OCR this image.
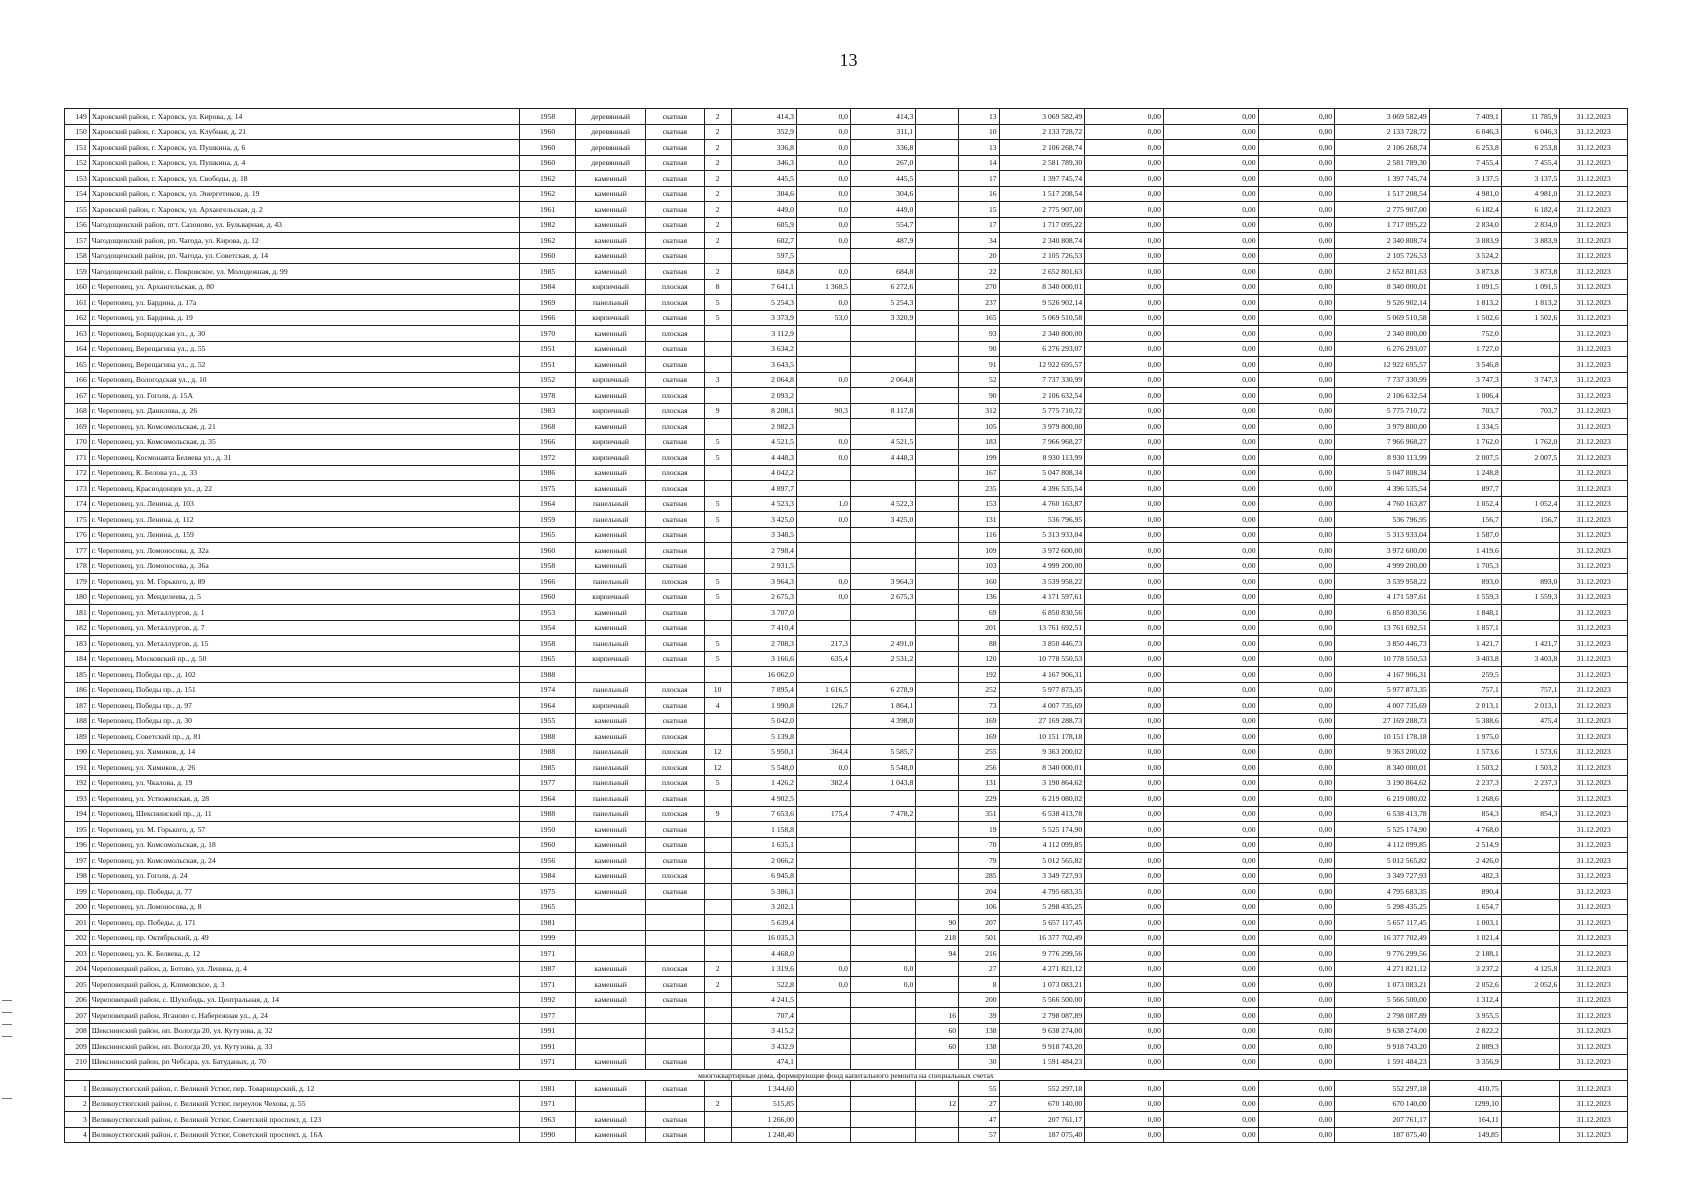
13
149	Харовский район, г. Харовск, ул. Кирова, д. 14	1958	деревянный	скатная	2	414,3	0,0	414,3		13	3 069 582,49	0,00	0,00	0,00	3 069 582,49	7 409,1	11 785,9	31.12.2023
150	Харовский район, г. Харовск, ул. Клубная, д. 21	1960	деревянный	скатная	2	352,9	0,0	311,1		10	2 133 728,72	0,00	0,00	0,00	2 133 728,72	6 046,3	6 046,3	31.12.2023
151	Харовский район, г. Харовск, ул. Пушкина, д. 6	1960	деревянный	скатная	2	336,8	0,0	336,8		13	2 106 268,74	0,00	0,00	0,00	2 106 268,74	6 253,8	6 253,8	31.12.2023
152	Харовский район, г. Харовск, ул. Пушкина, д. 4	1960	деревянный	скатная	2	346,3	0,0	267,0		14	2 581 789,30	0,00	0,00	0,00	2 581 789,30	7 455,4	7 455,4	31.12.2023
153	Харовский район, г. Харовск, ул. Свободы, д. 18	1962	каменный	скатная	2	445,5	0,0	445,5		17	1 397 745,74	0,00	0,00	0,00	1 397 745,74	3 137,5	3 137,5	31.12.2023
154	Харовский район, г. Харовск, ул. Энергетиков, д. 19	1962	каменный	скатная	2	304,6	0,0	304,6		16	1 517 208,54	0,00	0,00	0,00	1 517 208,54	4 981,0	4 981,0	31.12.2023
155	Харовский район, г. Харовск, ул. Архангельская, д. 2	1961	каменный	скатная	2	449,0	0,0	449,0		15	2 775 907,00	0,00	0,00	0,00	2 775 907,00	6 182,4	6 182,4	31.12.2023
156	Чагодощенский район, пгт. Сазоново, ул. Бульварная, д. 43	1982	каменный	скатная	2	605,9	0,0	554,7		17	1 717 095,22	0,00	0,00	0,00	1 717 095,22	2 834,0	2 834,0	31.12.2023
157	Чагодощенский район, рп. Чагода, ул. Кирова, д. 12	1962	каменный	скатная	2	602,7	0,0	487,9		34	2 340 808,74	0,00	0,00	0,00	2 340 808,74	3 883,9	3 883,9	31.12.2023
158	Чагодощенский район, рп. Чагода, ул. Советская, д. 14	1960	каменный	скатная		597,5				20	2 105 726,53	0,00	0,00	0,00	2 105 726,53	3 524,2		31.12.2023
159	Чагодощенский район, с. Покровское, ул. Молодежная, д. 99	1985	каменный	скатная	2	684,8	0,0	684,8		22	2 652 801,63	0,00	0,00	0,00	2 652 801,63	3 873,8	3 873,8	31.12.2023
160	г. Череповец, ул. Архангельская, д. 80	1984	кирпичный	плоская	8	7 641,1	1 368,5	6 272,6		270	8 340 000,01	0,00	0,00	0,00	8 340 000,01	1 091,5	1 091,5	31.12.2023
161	г. Череповец, ул. Бардина, д. 17а	1969	панельный	плоская	5	5 254,3	0,0	5 254,3		237	9 526 902,14	0,00	0,00	0,00	9 526 902,14	1 813,2	1 813,2	31.12.2023
162	г. Череповец, ул. Бардина, д. 19	1966	кирпичный	скатная	5	3 373,9	53,0	3 320,9		165	5 069 510,58	0,00	0,00	0,00	5 069 510,58	1 502,6	1 502,6	31.12.2023
163	г. Череповец, Борщодская ул., д. 30	1970	каменный	плоская		3 112,9				93	2 340 800,00	0,00	0,00	0,00	2 340 800,00	752,0		31.12.2023
164	г. Череповец, Верещагина ул., д. 55	1951	каменный	скатная		3 634,2				90	6 276 293,07	0,00	0,00	0,00	6 276 293,07	1 727,0		31.12.2023
165	г. Череповец, Верещагина ул., д. 52	1951	каменный	скатная		3 643,5				91	12 922 695,57	0,00	0,00	0,00	12 922 695,57	3 546,8		31.12.2023
166	г. Череповец, Вологодская ул., д. 10	1952	кирпичный	скатная	3	2 064,8	0,0	2 064,8		52	7 737 330,99	0,00	0,00	0,00	7 737 330,99	3 747,3	3 747,3	31.12.2023
167	г. Череповец, ул. Гоголя, д. 15А	1978	каменный	плоская		2 093,2				90	2 106 632,54	0,00	0,00	0,00	2 106 632,54	1 006,4		31.12.2023
168	г. Череповец, ул. Данилова, д. 26	1983	кирпичный	плоская	9	8 208,1	90,3	8 117,8		312	5 775 710,72	0,00	0,00	0,00	5 775 710,72	703,7	703,7	31.12.2023
169	г. Череповец, ул. Комсомольская, д. 21	1968	каменный	плоская		2 982,3				105	3 979 800,00	0,00	0,00	0,00	3 979 800,00	1 334,5		31.12.2023
170	г. Череповец, ул. Комсомольская, д. 35	1966	кирпичный	скатная	5	4 521,5	0,0	4 521,5		183	7 966 968,27	0,00	0,00	0,00	7 966 968,27	1 762,0	1 762,0	31.12.2023
171	г. Череповец, Космонавта Беляева ул., д. 31	1972	кирпичный	плоская	5	4 448,3	0,0	4 448,3		199	8 930 113,99	0,00	0,00	0,00	8 930 113,99	2 007,5	2 007,5	31.12.2023
172	г. Череповец, К. Белова ул., д. 33	1986	каменный	плоская		4 042,2				167	5 047 808,34	0,00	0,00	0,00	5 047 808,34	1 248,8		31.12.2023
173	г. Череповец, Краснодонцев ул., д. 22	1975	каменный	плоская		4 897,7				235	4 396 535,54	0,00	0,00	0,00	4 396 535,54	897,7		31.12.2023
174	г. Череповец, ул. Ленина, д. 103	1964	панельный	скатная	5	4 523,3	1,0	4 522,3		153	4 760 163,87	0,00	0,00	0,00	4 760 163,87	1 052,4	1 052,4	31.12.2023
175	г. Череповец, ул. Ленина, д. 112	1959	панельный	скатная	5	3 425,0	0,0	3 425,0		131	536 796,95	0,00	0,00	0,00	536 796,95	156,7	156,7	31.12.2023
176	г. Череповец, ул. Ленина, д. 159	1965	каменный	скатная		3 348,5				116	5 313 933,04	0,00	0,00	0,00	5 313 933,04	1 587,0		31.12.2023
177	г. Череповец, ул. Ломоносова, д. 32а	1960	каменный	скатная		2 798,4				109	3 972 600,00	0,00	0,00	0,00	3 972 600,00	1 419,6		31.12.2023
178	г. Череповец, ул. Ломоносова, д. 36а	1958	каменный	скатная		2 931,5				103	4 999 200,00	0,00	0,00	0,00	4 999 200,00	1 705,3		31.12.2023
179	г. Череповец, ул. М. Горького, д. 89	1966	панельный	плоская	5	3 964,3	0,0	3 964,3		160	3 539 958,22	0,00	0,00	0,00	3 539 958,22	893,0	893,0	31.12.2023
180	г. Череповец, ул. Менделеева, д. 5	1960	кирпичный	скатная	5	2 675,3	0,0	2 675,3		136	4 171 597,61	0,00	0,00	0,00	4 171 597,61	1 559,3	1 559,3	31.12.2023
181	г. Череповец, ул. Металлургов, д. 1	1953	каменный	скатная		3 707,0				69	6 850 830,56	0,00	0,00	0,00	6 850 830,56	1 848,1		31.12.2023
182	г. Череповец, ул. Металлургов, д. 7	1954	каменный	скатная		7 410,4				201	13 761 692,51	0,00	0,00	0,00	13 761 692,51	1 857,1		31.12.2023
183	г. Череповец, ул. Металлургов, д. 15	1958	панельный	скатная	5	2 708,3	217,3	2 491,0		88	3 850 446,73	0,00	0,00	0,00	3 850 446,73	1 421,7	1 421,7	31.12.2023
184	г. Череповец, Московский пр., д. 50	1965	кирпичный	скатная	5	3 166,6	635,4	2 531,2		120	10 778 550,53	0,00	0,00	0,00	10 778 550,53	3 403,8	3 403,8	31.12.2023
185	г. Череповец, Победы пр., д. 102	1988				16 062,0				192	4 167 906,31	0,00	0,00	0,00	4 167 906,31	259,5		31.12.2023
186	г. Череповец, Победы пр., д. 151	1974	панельный	плоская	10	7 895,4	1 616,5	6 278,9		252	5 977 873,35	0,00	0,00	0,00	5 977 873,35	757,1	757,1	31.12.2023
187	г. Череповец, Победы пр., д. 97	1964	кирпичный	скатная	4	1 990,8	126,7	1 864,1		73	4 007 735,69	0,00	0,00	0,00	4 007 735,69	2 013,1	2 013,1	31.12.2023
188	г. Череповец, Победы пр., д. 30	1955	каменный	скатная		5 042,0		4 398,0		169	27 169 288,73	0,00	0,00	0,00	27 169 288,73	5 388,6	475,4	31.12.2023
189	г. Череповец, Советский пр., д. 81	1988	каменный	плоская		5 139,8				169	10 151 178,18	0,00	0,00	0,00	10 151 178,18	1 975,0		31.12.2023
190	г. Череповец, ул. Химиков, д. 14	1988	панельный	плоская	12	5 950,1	364,4	5 585,7		255	9 363 200,02	0,00	0,00	0,00	9 363 200,02	1 573,6	1 573,6	31.12.2023
191	г. Череповец, ул. Химиков, д. 26	1985	панельный	плоская	12	5 548,0	0,0	5 548,0		256	8 340 000,01	0,00	0,00	0,00	8 340 000,01	1 503,2	1 503,2	31.12.2023
192	г. Череповец, ул. Чкалова, д. 19	1977	панельный	плоская	5	1 426,2	382,4	1 043,8		131	3 190 864,62	0,00	0,00	0,00	3 190 864,62	2 237,3	2 237,3	31.12.2023
193	г. Череповец, ул. Устюженская, д. 28	1964	панельный	скатная		4 902,5				229	6 219 080,02	0,00	0,00	0,00	6 219 080,02	1 268,6		31.12.2023
194	г. Череповец, Шекснинский пр., д. 11	1988	панельный	плоская	9	7 653,6	175,4	7 478,2		351	6 538 413,78	0,00	0,00	0,00	6 538 413,78	854,3	854,3	31.12.2023
195	г. Череповец, ул. М. Горького, д. 57	1950	каменный	скатная		1 158,8				19	5 525 174,90	0,00	0,00	0,00	5 525 174,90	4 768,0		31.12.2023
196	г. Череповец, ул. Комсомольская, д. 18	1960	каменный	скатная		1 635,1				70	4 112 099,85	0,00	0,00	0,00	4 112 099,85	2 514,9		31.12.2023
197	г. Череповец, ул. Комсомольская, д. 24	1956	каменный	скатная		2 066,2				79	5 012 565,82	0,00	0,00	0,00	5 012 565,82	2 426,0		31.12.2023
198	г. Череповец, ул. Гоголя, д. 24	1984	каменный	плоская		6 945,8				285	3 349 727,93	0,00	0,00	0,00	3 349 727,93	482,3		31.12.2023
199	г. Череповец, пр. Победы, д. 77	1975	каменный	скатная		5 386,1				204	4 795 683,35	0,00	0,00	0,00	4 795 683,35	890,4		31.12.2023
200	г. Череповец, ул. Ломоносова, д. 8	1965				3 202,1				106	5 298 435,25	0,00	0,00	0,00	5 298 435,25	1 654,7		31.12.2023
201	г. Череповец, пр. Победы, д. 171	1981				5 639,4			90	207	5 657 117,45	0,00	0,00	0,00	5 657 117,45	1 003,1		31.12.2023
202	г. Череповец, пр. Октябрьский, д. 49	1999				16 035,3			218	501	16 377 702,49	0,00	0,00	0,00	16 377 702,49	1 021,4		31.12.2023
203	г. Череповец, ул. К. Беляева, д. 12	1971				4 468,0			94	216	9 776 299,56	0,00	0,00	0,00	9 776 299,56	2 188,1		31.12.2023
204	Череповецкий район, д. Ботово, ул. Ленина, д. 4	1987	каменный	плоская	2	1 319,6	0,0	0,0		27	4 271 821,12	0,00	0,00	0,00	4 271 821,12	3 237,2	4 125,8	31.12.2023
205	Череповецкий район, д. Климовское, д. 3	1971	каменный	скатная	2	522,8	0,0	0,0		8	1 073 083,21	0,00	0,00	0,00	1 073 083,21	2 052,6	2 052,6	31.12.2023
206	Череповецкий район, с. Шухободь, ул. Центральная, д. 14	1992	каменный	скатная		4 241,5				200	5 566 500,00	0,00	0,00	0,00	5 566 500,00	1 312,4		31.12.2023
207	Череповецкий район, Ягановo с, Набережная ул., д. 24	1977				707,4			16	39	2 798 087,89	0,00	0,00	0,00	2 798 087,89	3 955,5		31.12.2023
208	Шекснинский район, нп. Вологда 20, ул. Кутузова, д. 32	1991				3 415,2			60	138	9 638 274,00	0,00	0,00	0,00	9 638 274,00	2 822,2		31.12.2023
209	Шекснинский район, нп. Вологда 20, ул. Кутузова, д. 33	1991				3 432,9			60	138	9 918 743,20	0,00	0,00	0,00	9 918 743,20	2 889,3		31.12.2023
210	Шекснинский район, рп Чебсара, ул. Батуданых, д. 70	1971	каменный	скатная		474,1				30	1 591 484,23	0,00	0,00	0,00	1 591 484,23	3 356,9		31.12.2023
многоквартирные дома, формирующие фонд капитального ремонта на специальных счетах																		
1	Великоустюгский район, г. Великий Устюг, пер. Товарищеский, д. 12	1981	каменный	скатная		1 344,60				55	552 297,18	0,00	0,00	0,00	552 297,18	410,75		31.12.2023
2	Великоустюгский район, г. Великий Устюг, переулок Чехова, д. 55	1971			2	515,85			12	27	670 140,00	0,00	0,00	0,00	670 140,00	1299,10		31.12.2023
3	Великоустюгский район, г. Великий Устюг, Советский проспект, д. 123	1963	каменный	скатная		1 266,00				47	207 761,17	0,00	0,00	0,00	207 761,17	164,11		31.12.2023
4	Великоустюгский район, г. Великий Устюг, Советский проспект, д. 16А	1990	каменный	скатная		1 248,40				57	187 075,40	0,00	0,00	0,00	187 075,40	149,85		31.12.2023
